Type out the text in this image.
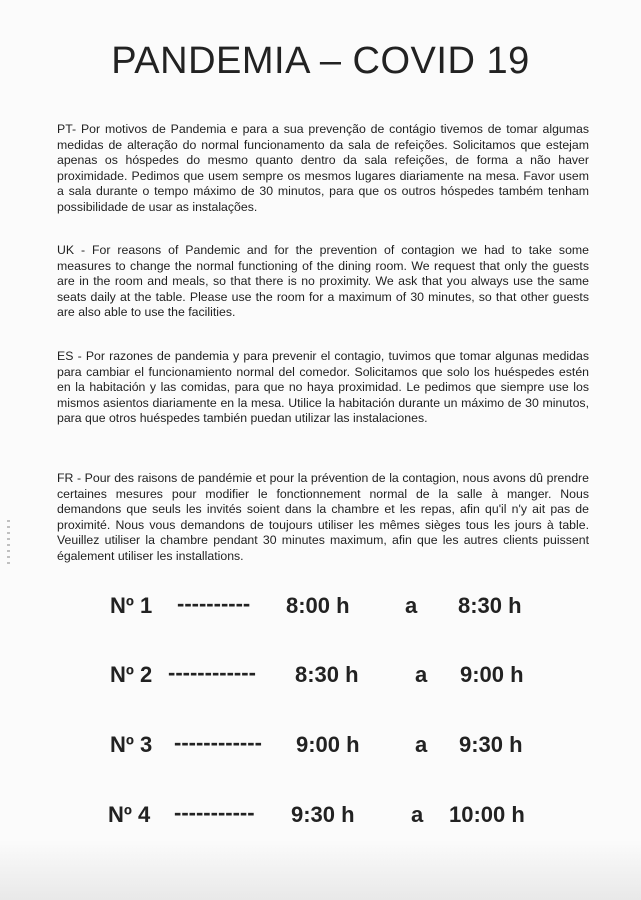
PANDEMIA – COVID 19
PT- Por motivos de Pandemia e para a sua prevenção de contágio tivemos de tomar algumas medidas de alteração do normal funcionamento da sala de refeições. Solicitamos que estejam apenas os hóspedes do mesmo quanto dentro da sala refeições, de forma a não haver proximidade. Pedimos que usem sempre os mesmos lugares diariamente na mesa. Favor usem a sala durante o tempo máximo de 30 minutos, para que os outros hóspedes também tenham possibilidade de usar as instalações.
UK - For reasons of Pandemic and for the prevention of contagion we had to take some measures to change the normal functioning of the dining room. We request that only the guests are in the room and meals, so that there is no proximity. We ask that you always use the same seats daily at the table. Please use the room for a maximum of 30 minutes, so that other guests are also able to use the facilities.
ES - Por razones de pandemia y para prevenir el contagio, tuvimos que tomar algunas medidas para cambiar el funcionamiento normal del comedor. Solicitamos que solo los huéspedes estén en la habitación y las comidas, para que no haya proximidad. Le pedimos que siempre use los mismos asientos diariamente en la mesa. Utilice la habitación durante un máximo de 30 minutos, para que otros huéspedes también puedan utilizar las instalaciones.
FR - Pour des raisons de pandémie et pour la prévention de la contagion, nous avons dû prendre certaines mesures pour modifier le fonctionnement normal de la salle à manger. Nous demandons que seuls les invités soient dans la chambre et les repas, afin qu'il n'y ait pas de proximité. Nous vous demandons de toujours utiliser les mêmes sièges tous les jours à table. Veuillez utiliser la chambre pendant 30 minutes maximum, afin que les autres clients puissent également utiliser les installations.
Nº 1 ---------- 8:00 h	a 8:30 h
Nº 2 ------------ 8:30 h	a 9:00 h
Nº 3 ------------ 9:00 h	a 9:30 h
Nº 4 ----------- 9:30 h	a 10:00 h
